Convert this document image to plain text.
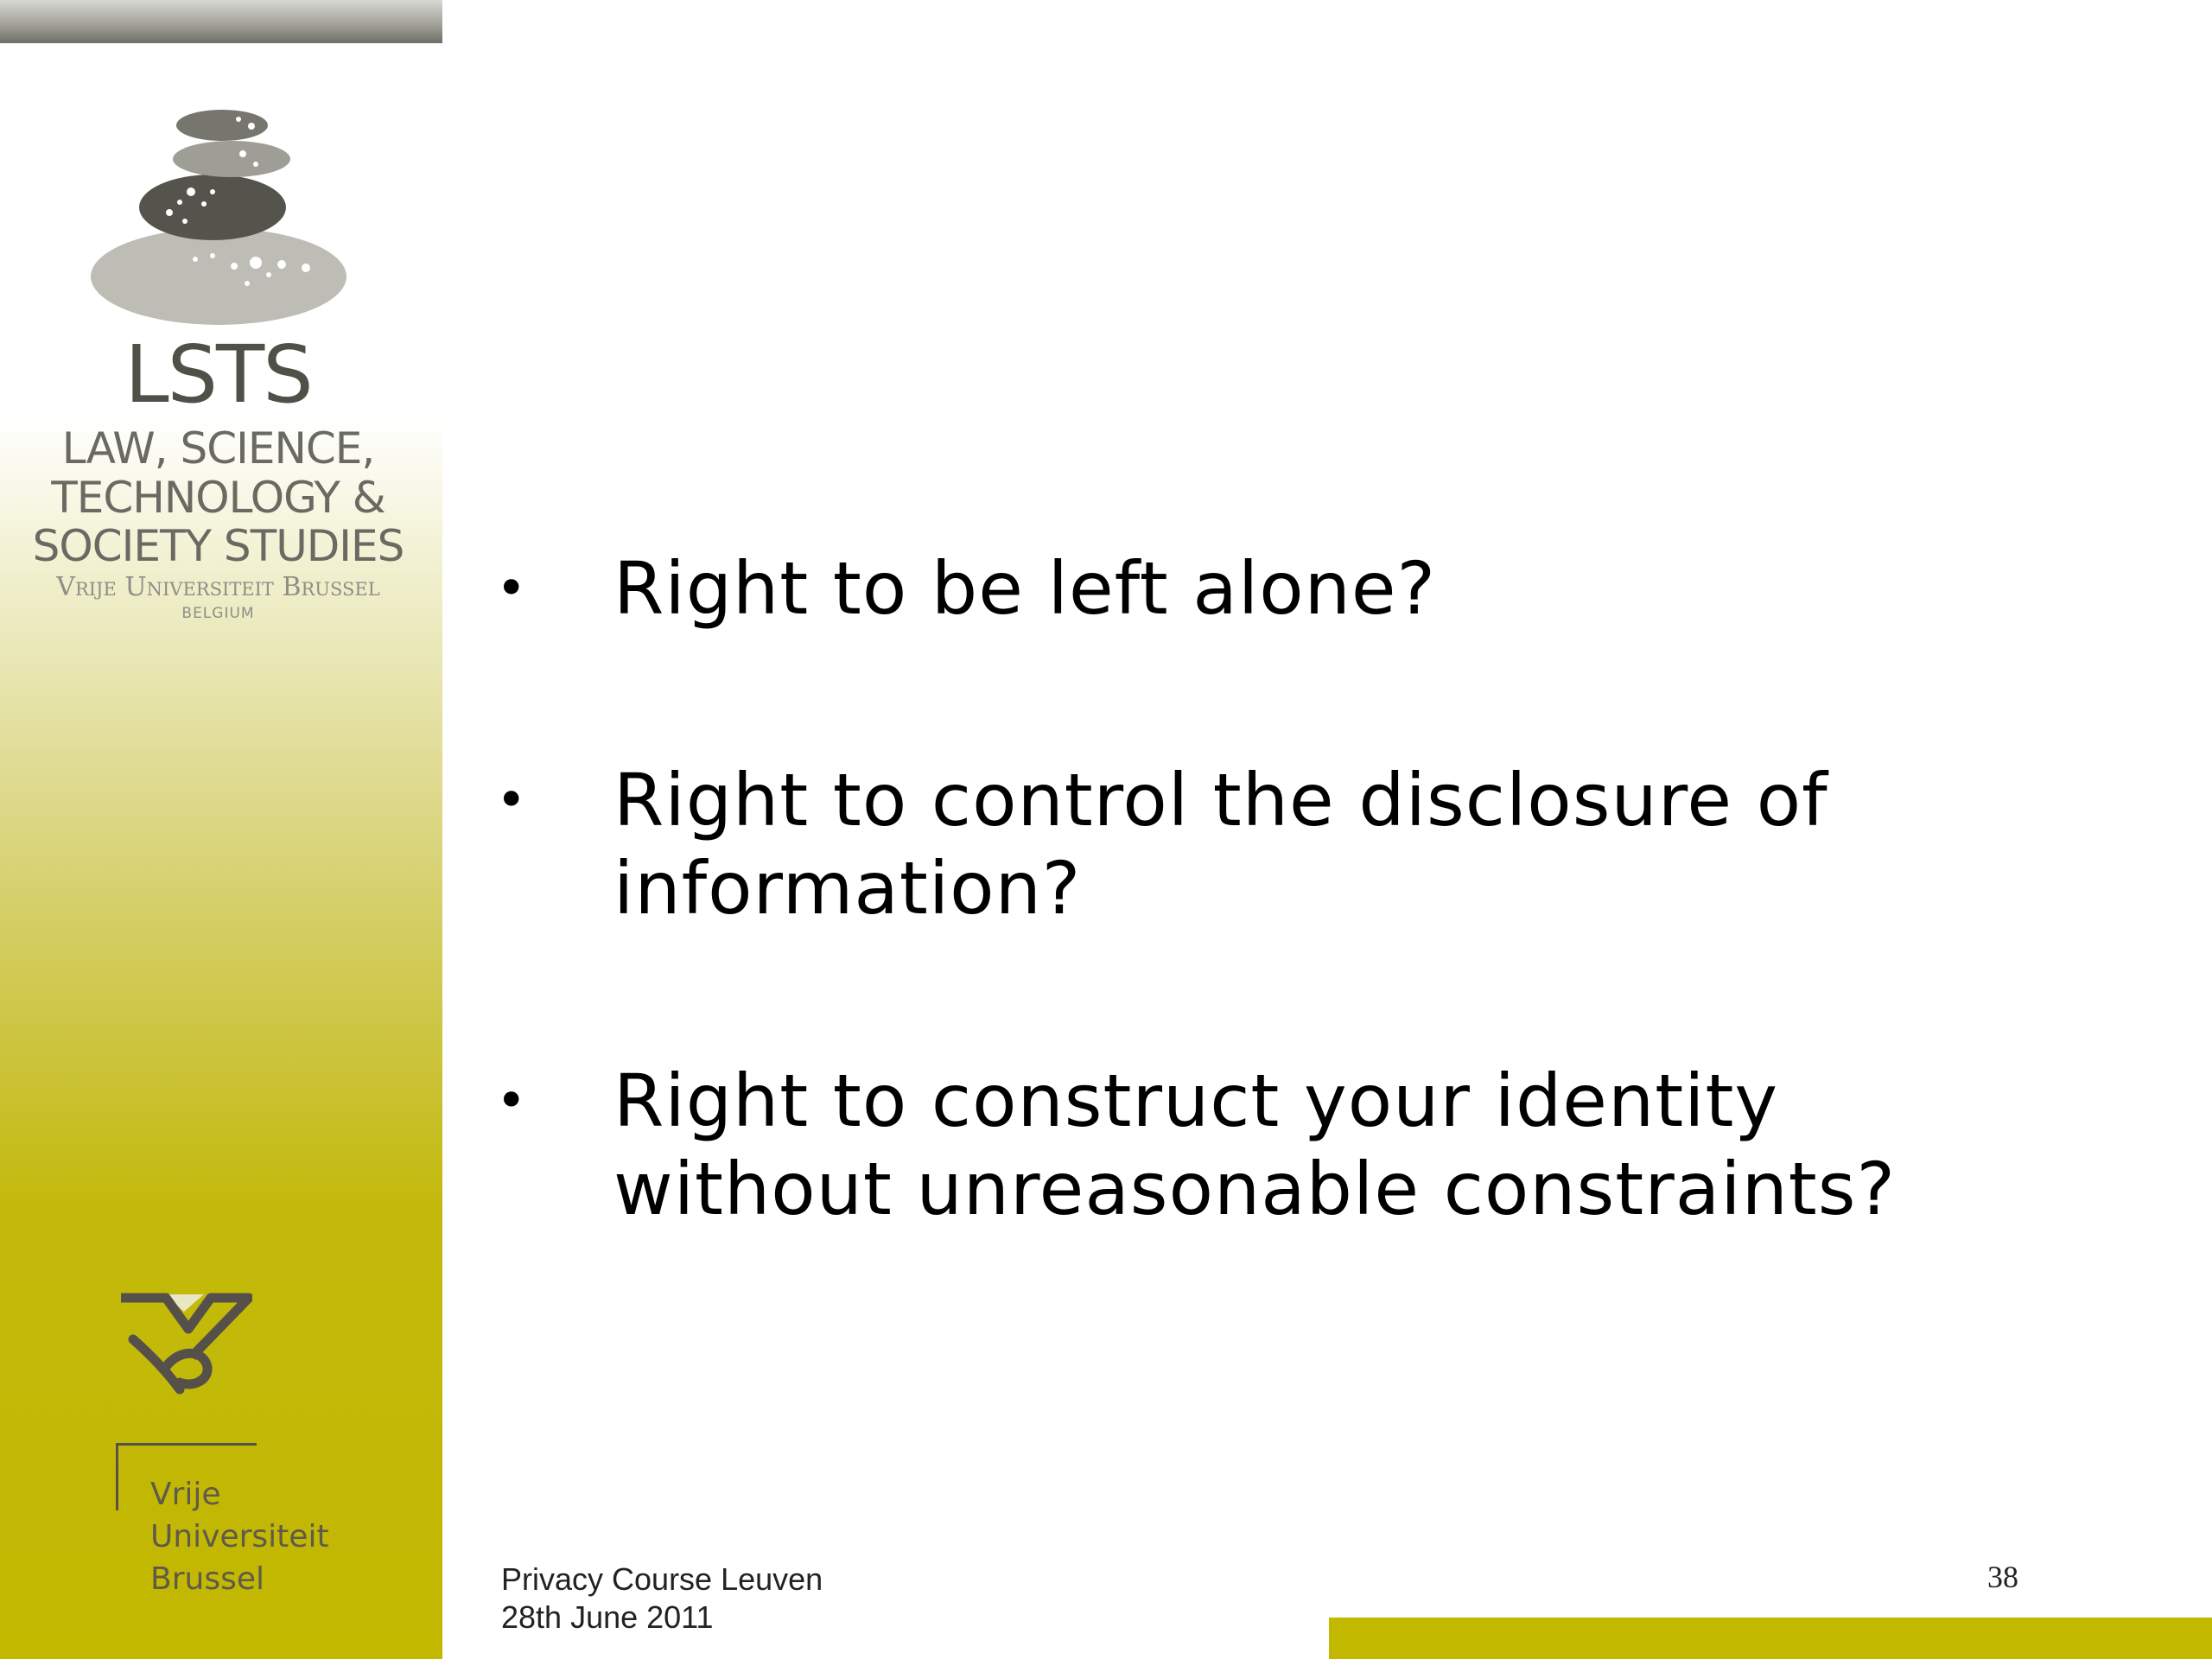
LSTS
LAW, SCIENCE,
TECHNOLOGY &
SOCIETY STUDIES
Vrije Universiteit Brussel
BELGIUM
Vrije
Universiteit
Brussel
• Right to be left alone?
• Right to control the disclosure of information?
• Right to construct your identity without unreasonable constraints?
Privacy Course Leuven
28th June 2011
38
